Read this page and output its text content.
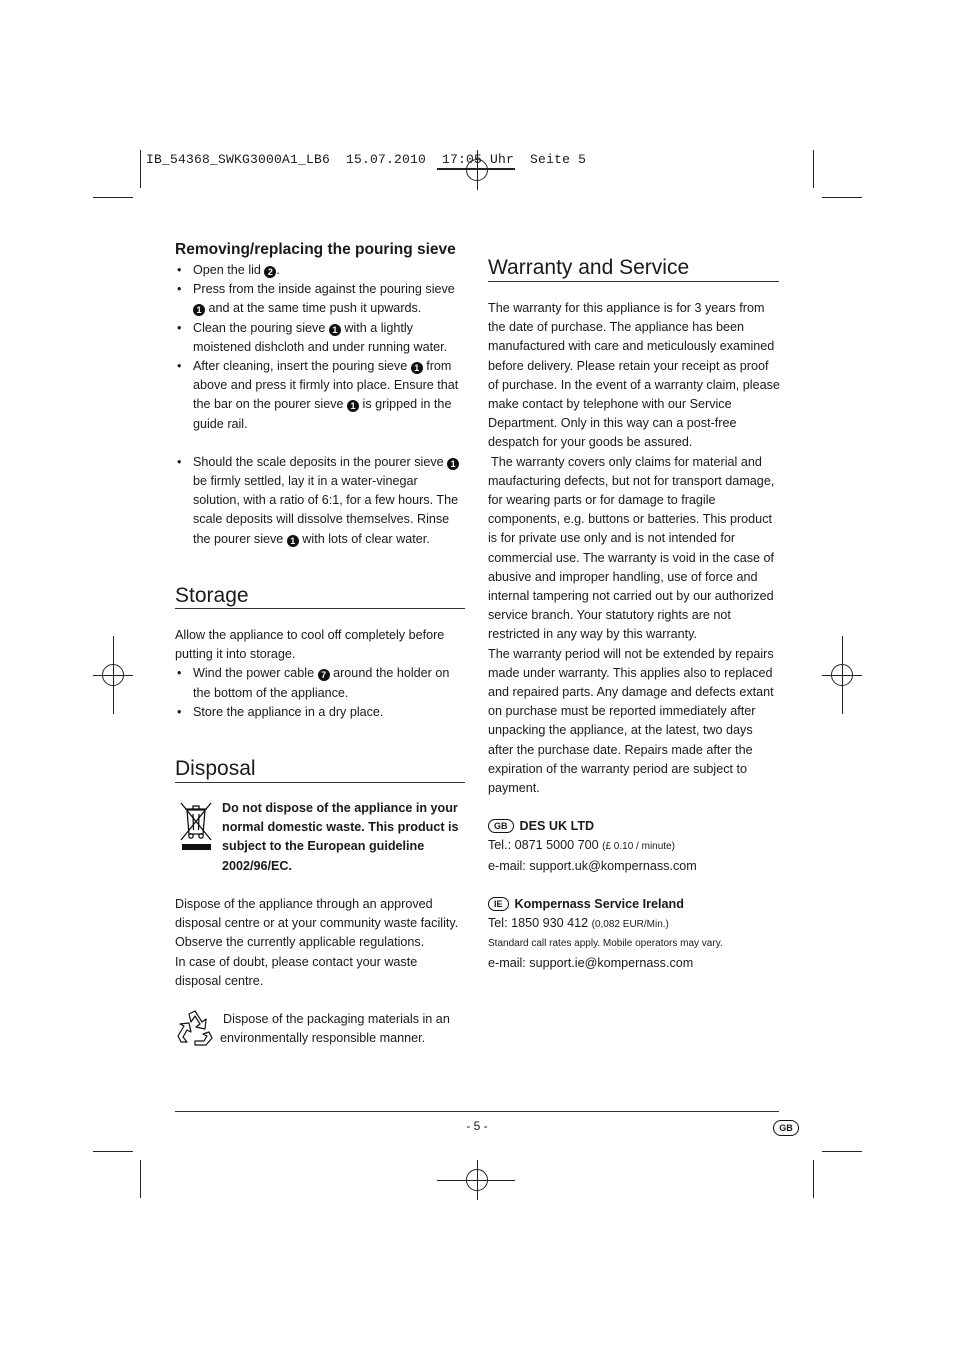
IB_54368_SWKG3000A1_LB6  15.07.2010  17:05 Uhr  Seite 5
Removing/replacing the pouring sieve
• Open the lid 2 .
• Press from the inside against the pouring sieve 1 and at the same time push it upwards.
• Clean the pouring sieve 1 with a lightly moistened dishcloth and under running water.
• After cleaning, insert the pouring sieve 1 from above and press it firmly into place. Ensure that the bar on the pourer sieve 1 is gripped in the guide rail.
• Should the scale deposits in the pourer sieve 1 be firmly settled, lay it in a water-vinegar solution, with a ratio of 6:1, for a few hours. The scale deposits will dissolve themselves. Rinse the pourer sieve 1 with lots of clear water.
Storage

Allow the appliance to cool off completely before putting it into storage.

• Wind the power cable 7 around the holder on the bottom of the appliance.
• Store the appliance in a dry place.
Disposal
Do not dispose of the appliance in your normal domestic waste. This product is subject to the European guideline 2002/96/EC.

Dispose of the appliance through an approved disposal centre or at your community waste facility. Observe the currently applicable regulations.

In case of doubt, please contact your waste disposal centre.

Dispose of the packaging materials in an environmentally responsible manner.
Warranty and Service

The warranty for this appliance is for 3 years from the date of purchase. The appliance has been manufactured with care and meticulously examined before delivery. Please retain your receipt as proof of purchase. In the event of a warranty claim, please make contact by telephone with our Service Department. Only in this way can a post-free despatch for your goods be assured.

The warranty covers only claims for material and maufacturing defects, but not for transport damage, for wearing parts or for damage to fragile components, e.g. buttons or batteries. This product is for private use only and is not intended for commercial use. The warranty is void in the case of abusive and improper handling, use of force and internal tampering not carried out by our authorized service branch. Your statutory rights are not restricted in any way by this warranty.

The warranty period will not be extended by repairs made under warranty. This applies also to replaced and repaired parts. Any damage and defects extant on purchase must be reported immediately after unpacking the appliance, at the latest, two days after the purchase date. Repairs made after the expiration of the warranty period are subject to payment.

GB DES UK LTD

Tel.: 0871 5000 700 (£ 0.10 / minute)

e-mail: support.uk@kompernass.com

IE Kompernass Service Ireland

Tel: 1850 930 412 (0,082 EUR/Min.)

Standard call rates apply. Mobile operators may vary.

e-mail: support.ie@kompernass.com

- 5 -	GB
